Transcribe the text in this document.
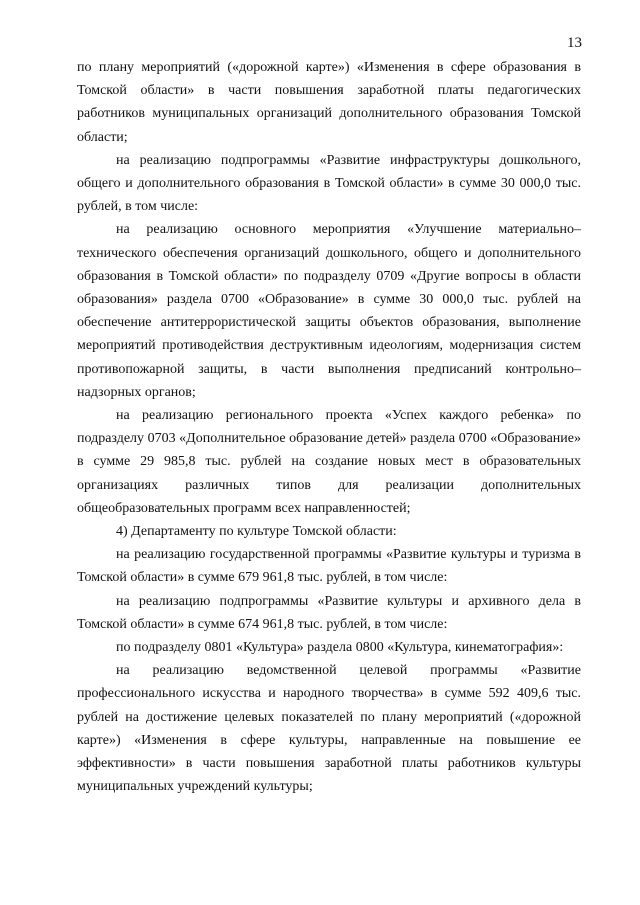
13

по плану мероприятий («дорожной карте») «Изменения в сфере образования в Томской области» в части повышения заработной платы педагогических работников муниципальных организаций дополнительного образования Томской области;

на реализацию подпрограммы «Развитие инфраструктуры дошкольного, общего и дополнительного образования в Томской области» в сумме 30 000,0 тыс. рублей, в том числе:

на реализацию основного мероприятия «Улучшение материально–технического обеспечения организаций дошкольного, общего и дополнительного образования в Томской области» по подразделу 0709 «Другие вопросы в области образования» раздела 0700 «Образование» в сумме 30 000,0 тыс. рублей на обеспечение антитеррористической защиты объектов образования, выполнение мероприятий противодействия деструктивным идеологиям, модернизация систем противопожарной защиты, в части выполнения предписаний контрольно–надзорных органов;

на реализацию регионального проекта «Успех каждого ребенка» по подразделу 0703 «Дополнительное образование детей» раздела 0700 «Образование» в сумме 29 985,8 тыс. рублей на создание новых мест в образовательных организациях различных типов для реализации дополнительных общеобразовательных программ всех направленностей;

4) Департаменту по культуре Томской области:

на реализацию государственной программы «Развитие культуры и туризма в Томской области» в сумме 679 961,8 тыс. рублей, в том числе:

на реализацию подпрограммы «Развитие культуры и архивного дела в Томской области» в сумме 674 961,8 тыс. рублей, в том числе:

по подразделу 0801 «Культура» раздела 0800 «Культура, кинематография»:

на реализацию ведомственной целевой программы «Развитие профессионального искусства и народного творчества» в сумме 592 409,6 тыс. рублей на достижение целевых показателей по плану мероприятий («дорожной карте») «Изменения в сфере культуры, направленные на повышение ее эффективности» в части повышения заработной платы работников культуры муниципальных учреждений культуры;
